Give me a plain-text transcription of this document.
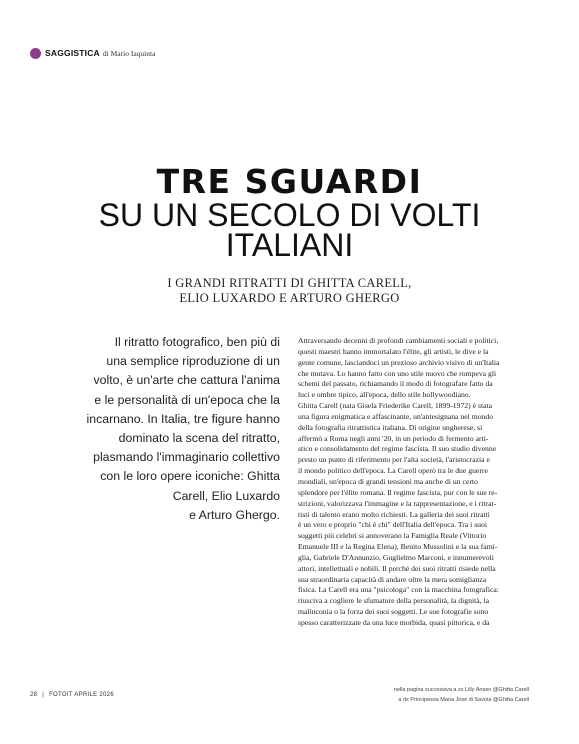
SAGGISTICA di Mario Iaquinta
TRE SGUARDI
SU UN SECOLO DI VOLTI ITALIANI
I GRANDI RITRATTI DI GHITTA CARELL,
ELIO LUXARDO E ARTURO GHERGO
Il ritratto fotografico, ben più di
una semplice riproduzione di un
volto, è un'arte che cattura l'anima
e le personalità di un'epoca che la
incarnano. In Italia, tre figure hanno
dominato la scena del ritratto,
plasmando l'immaginario collettivo
con le loro opere iconiche: Ghitta
Carell, Elio Luxardo
e Arturo Ghergo.
Attraversando decenni di profondi cambiamenti sociali e politici,
questi maestri hanno immortalato l'élite, gli artisti, le dive e la
gente comune, lasciandoci un prezioso archivio visivo di un'Italia
che mutava. Lo hanno fatto con uno stile nuovo che rompeva gli
schemi del passato, richiamando il modo di fotografare fatto da
luci e ombre tipico, all'epoca, dello stile hollywoodiano.
Ghitta Carell (nata Gisela Friederike Carell, 1899-1972) è stata
una figura enigmatica e affascinante, un'antesignana nel mondo
della fotografia ritrattistica italiana. Di origine ungherese, si
affermò a Roma negli anni '20, in un periodo di fermento arti-
stico e consolidamento del regime fascista. Il suo studio divenne
presto un punto di riferimento per l'alta società, l'aristocrazia e
il mondo politico dell'epoca. La Carell operò tra le due guerre
mondiali, un'epoca di grandi tensioni ma anche di un certo
splendore per l'élite romana. Il regime fascista, pur con le sue re-
strizioni, valorizzava l'immagine e la rappresentazione, e i ritrat-
tisti di talento erano molto richiesti. La galleria dei suoi ritratti
è un vero e proprio "chi è chi" dell'Italia dell'epoca. Tra i suoi
soggetti più celebri si annoverano la Famiglia Reale (Vittorio
Emanuele III e la Regina Elena), Benito Mussolini e la sua fami-
glia, Gabriele D'Annunzio, Guglielmo Marconi, e innumerevoli
attori, intellettuali e nobili. Il perché dei suoi ritratti risiede nella
sua straordinaria capacità di andare oltre la mera somiglianza
fisica. La Carell era una "psicologa" con la macchina fotografica:
riusciva a cogliere le sfumature della personalità, la dignità, la
malinconia o la forza dei suoi soggetti. Le sue fotografie sono
spesso caratterizzate da una luce morbida, quasi pittorica, e da
28 | FOTOIT APRILE 2026
nella pagina successiva a sx Lilly Ansen @Ghitta Carell
a dx Principessa Maria José di Savoia @Ghitta Carell
